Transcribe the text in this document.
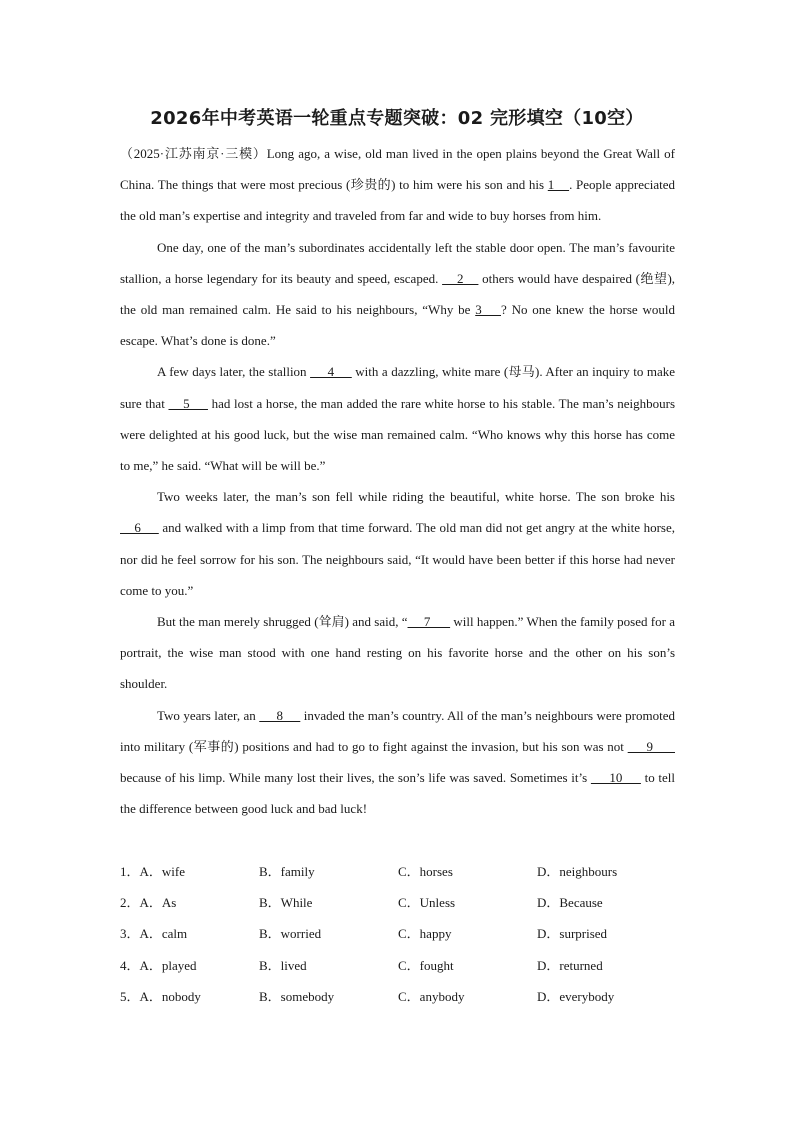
2026年中考英语一轮重点专题突破：02 完形填空（10空）

（2025·江苏南京·三模）Long ago, a wise, old man lived in the open plains beyond the Great Wall of China. The things that were most precious (珍贵的) to him were his son and his 1    . People appreciated the old man’s expertise and integrity and traveled from far and wide to buy horses from him.

One day, one of the man’s subordinates accidentally left the stable door open. The man’s favourite stallion, a horse legendary for its beauty and speed, escaped.     2     others would have despaired (绝望), the old man remained calm. He said to his neighbours, “Why be 3    ? No one knew the horse would escape. What’s done is done.”

A few days later, the stallion      4      with a dazzling, white mare (母马). After an inquiry to make sure that     5      had lost a horse, the man added the rare white horse to his stable. The man’s neighbours were delighted at his good luck, but the wise man remained calm. “Who knows why this horse has come to me,” he said. “What will be will be.”

Two weeks later, the man’s son fell while riding the beautiful, white horse. The son broke his     6      and walked with a limp from that time forward. The old man did not get angry at the white horse, nor did he feel sorrow for his son. The neighbours said, “It would have been better if this horse had never come to you.”

But the man merely shrugged (耸肩) and said, “     7       will happen.” When the family posed for a portrait, the wise man stood with one hand resting on his favorite horse and the other on his son’s shoulder.

Two years later, an      8      invaded the man’s country. All of the man’s neighbours were promoted into military (军事的) positions and had to go to fight against the invasion, but his son was not      9       because of his limp. While many lost their lives, the son’s life was saved. Sometimes it’s      10      to tell the difference between good luck and bad luck!

1．A．wife	B．family	C．horses	D．neighbours
2．A．As	B．While	C．Unless	D．Because
3．A．calm	B．worried	C．happy	D．surprised
4．A．played	B．lived	C．fought	D．returned
5．A．nobody	B．somebody	C．anybody	D．everybody
